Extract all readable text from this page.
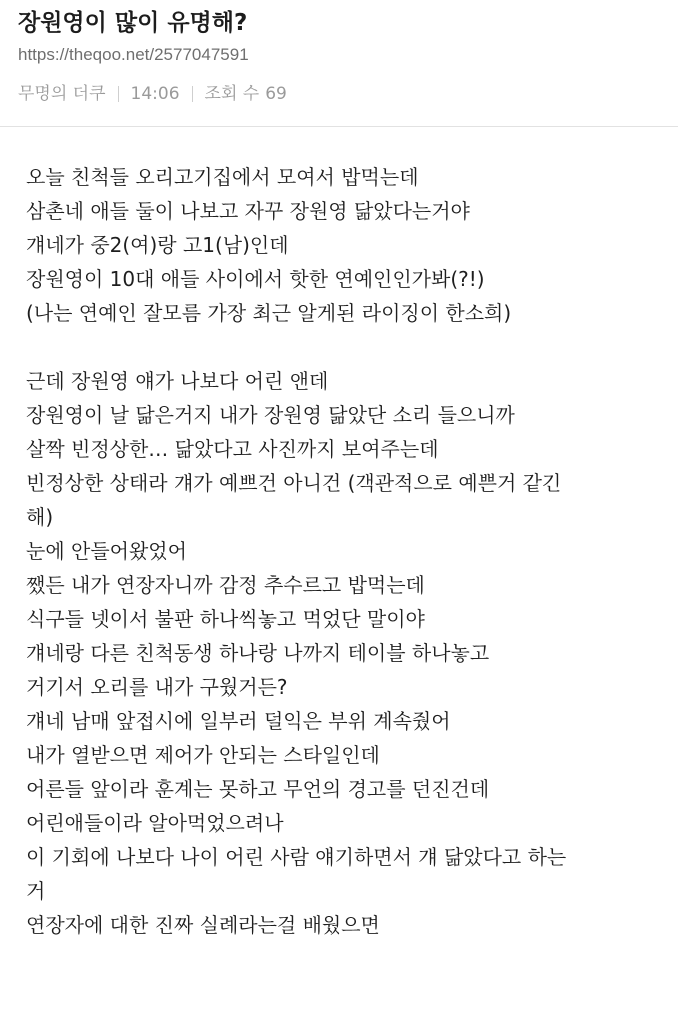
장원영이 많이 유명해?
https://theqoo.net/2577047591
무명의 더쿠 14:06 조회 수 69
오늘 친척들 오리고기집에서 모여서 밥먹는데
삼촌네 애들 둘이 나보고 자꾸 장원영 닮았다는거야
걔네가 중2(여)랑 고1(남)인데
장원영이 10대 애들 사이에서 핫한 연예인인가봐(?!)
(나는 연예인 잘모름 가장 최근 알게된 라이징이 한소희)
근데 장원영 얘가 나보다 어린 앤데
장원영이 날 닮은거지 내가 장원영 닮았단 소리 들으니까
살짝 빈정상한… 닮았다고 사진까지 보여주는데
빈정상한 상태라 걔가 예쁘건 아니건 (객관적으로 예쁜거 같긴
해)
눈에 안들어왔었어
쨌든 내가 연장자니까 감정 추수르고 밥먹는데
식구들 넷이서 불판 하나씩놓고 먹었단 말이야
걔네랑 다른 친척동생 하나랑 나까지 테이블 하나놓고
거기서 오리를 내가 구웠거든?
걔네 남매 앞접시에 일부러 덜익은 부위 계속줬어
내가 열받으면 제어가 안되는 스타일인데
어른들 앞이라 훈계는 못하고 무언의 경고를 던진건데
어린애들이라 알아먹었으려나
이 기회에 나보다 나이 어린 사람 얘기하면서 걔 닮았다고 하는
거
연장자에 대한 진짜 실례라는걸 배웠으면
